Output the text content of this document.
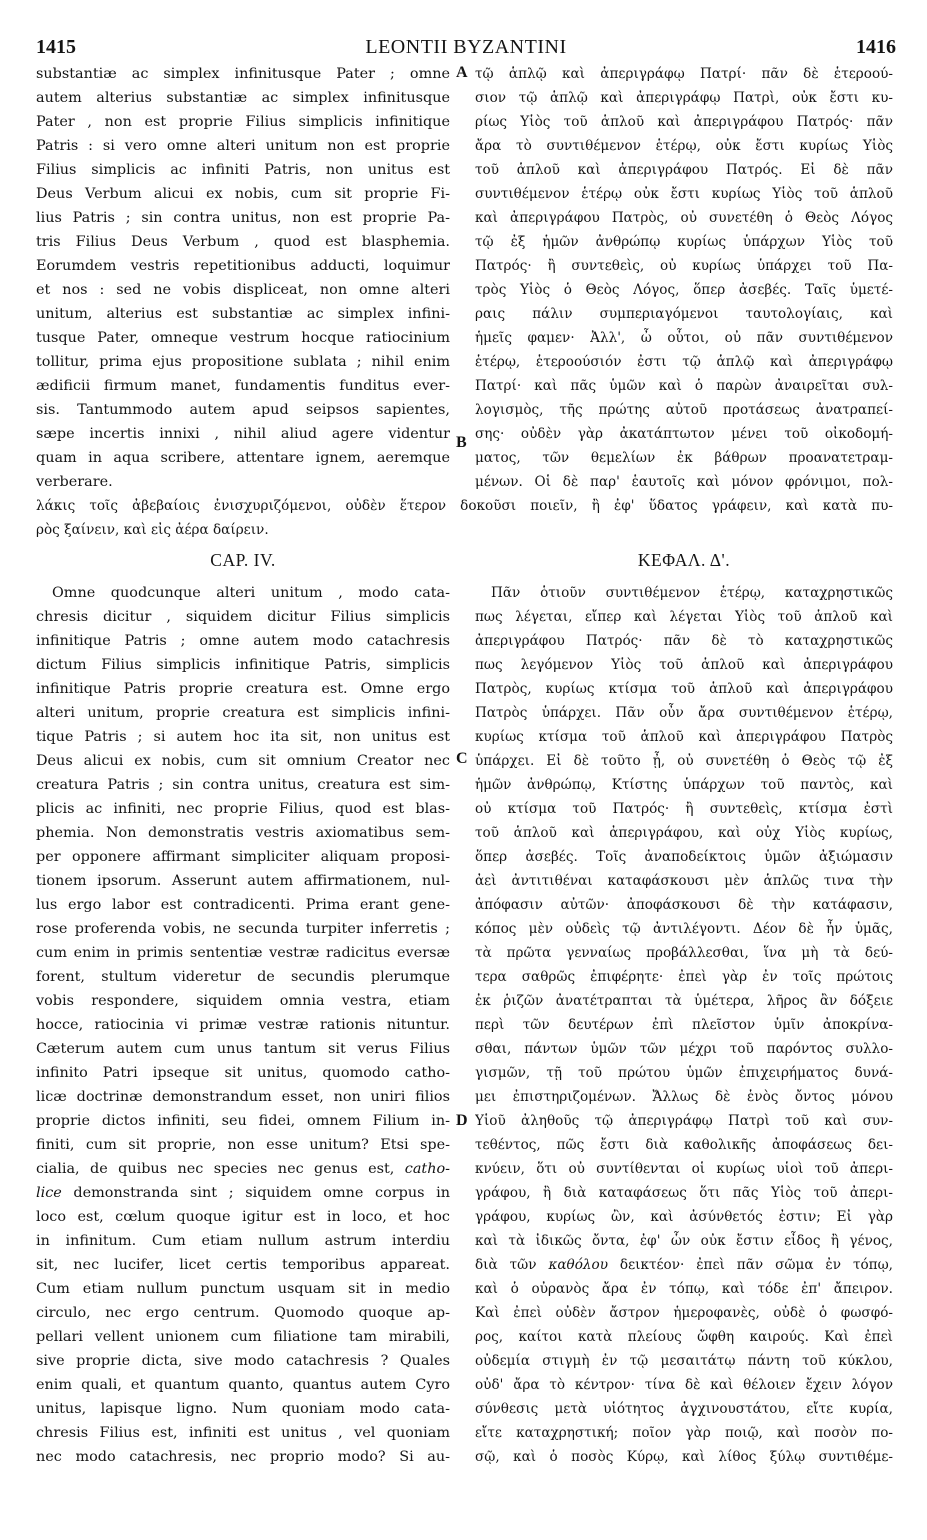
1415	LEONTII BYZANTINI	1416
substantiæ ac simplex infinitusque Pater ; omne
autem alterius substantiæ ac simplex infinitusque
Pater , non est proprie Filius simplicis infinitique
Patris : si vero omne alteri unitum non est proprie
Filius simplicis ac infiniti Patris, non unitus est
Deus Verbum alicui ex nobis, cum sit proprie Fi-
lius Patris ; sin contra unitus, non est proprie Pa-
tris Filius Deus Verbum , quod est blasphemia.
Eorumdem vestris repetitionibus adducti, loquimur
et nos : sed ne vobis displiceat, non omne alteri
unitum, alterius est substantiæ ac simplex infini-
tusque Pater, omneque vestrum hocque ratiocinium
tollitur, prima ejus propositione sublata ; nihil enim
ædificii firmum manet, fundamentis funditus ever-
sis. Tantummodo autem apud seipsos sapientes,
sæpe incertis innixi , nihil aliud agere videntur
quam in aqua scribere, attentare ignem, aeremque
verberare.
τῷ ἁπλῷ καὶ ἀπεριγράφῳ Πατρί· πᾶν δὲ ἑτεροού-
σιον τῷ ἁπλῷ καὶ ἀπεριγράφῳ Πατρὶ, οὐκ ἔστι κυ-
ρίως Υἱὸς τοῦ ἁπλοῦ καὶ ἀπεριγράφου Πατρός· πᾶν
ἄρα τὸ συντιθέμενον ἑτέρῳ, οὐκ ἔστι κυρίως Υἱὸς
τοῦ ἁπλοῦ καὶ ἀπεριγράφου Πατρός. Εἰ δὲ πᾶν
συντιθέμενον ἑτέρῳ οὐκ ἔστι κυρίως Υἱὸς τοῦ ἁπλοῦ
καὶ ἀπεριγράφου Πατρὸς, οὐ συνετέθη ὁ Θεὸς Λόγος
τῷ ἐξ ἡμῶν ἀνθρώπῳ κυρίως ὑπάρχων Υἱὸς τοῦ
Πατρός· ἢ συντεθεὶς, οὐ κυρίως ὑπάρχει τοῦ Πα-
τρὸς Υἱὸς ὁ Θεὸς Λόγος, ὅπερ ἀσεβές. Ταῖς ὑμετέ-
ραις πάλιν συμπεριαγόμενοι ταυτολογίαις, καὶ
ἡμεῖς φαμεν· Ἀλλ', ὦ οὗτοι, οὐ πᾶν συντιθέμενον
ἑτέρῳ, ἑτεροούσιόν ἐστι τῷ ἁπλῷ καὶ ἀπεριγράφῳ
Πατρί· καὶ πᾶς ὑμῶν καὶ ὁ παρὼν ἀναιρεῖται συλ-
λογισμὸς, τῆς πρώτης αὐτοῦ προτάσεως ἀνατραπεί-
σης· οὐδὲν γὰρ ἀκατάπτωτον μένει τοῦ οἰκοδομή-
ματος, τῶν θεμελίων ἐκ βάθρων προανατετραμ-
μένων. Οἱ δὲ παρ' ἑαυτοῖς καὶ μόνον φρόνιμοι, πολ-
λάκις τοῖς ἀβεβαίοις ἐνισχυριζόμενοι, οὐδὲν ἕτερον δοκοῦσι ποιεῖν, ἢ ἐφ' ὕδατος γράφειν, καὶ κατὰ πυ-
ρὸς ξαίνειν, καὶ εἰς ἀέρα δαίρειν.
CAP. IV.	ΚΕΦΑΛ. Δ'.
Omne quodcunque alteri unitum , modo cata-
chresis dicitur , siquidem dicitur Filius simplicis
infinitique Patris ; omne autem modo catachresis
dictum Filius simplicis infinitique Patris, simplicis
infinitique Patris proprie creatura est. Omne ergo
alteri unitum, proprie creatura est simplicis infini-
tique Patris ; si autem hoc ita sit, non unitus est
Deus alicui ex nobis, cum sit omnium Creator nec
creatura Patris ; sin contra unitus, creatura est sim-
plicis ac infiniti, nec proprie Filius, quod est blas-
phemia. Non demonstratis vestris axiomatibus sem-
per opponere affirmant simpliciter aliquam proposi-
tionem ipsorum. Asserunt autem affirmationem, nul-
lus ergo labor est contradicenti. Prima erant gene-
rose proferenda vobis, ne secunda turpiter inferretis ;
cum enim in primis sententiæ vestræ radicitus eversæ
forent, stultum videretur de secundis plerumque
vobis respondere, siquidem omnia vestra, etiam
hocce, ratiocinia vi primæ vestræ rationis nituntur.
Cæterum autem cum unus tantum sit verus Filius
infinito Patri ipseque sit unitus, quomodo catho-
licæ doctrinæ demonstrandum esset, non uniri filios
proprie dictos infiniti, seu fidei, omnem Filium in-
finiti, cum sit proprie, non esse unitum? Etsi spe-
cialia, de quibus nec species nec genus est, catho-
lice demonstranda sint ; siquidem omne corpus in
loco est, cœlum quoque igitur est in loco, et hoc
in infinitum. Cum etiam nullum astrum interdiu
sit, nec lucifer, licet certis temporibus appareat.
Cum etiam nullum punctum usquam sit in medio
circulo, nec ergo centrum. Quomodo quoque ap-
pellari vellent unionem cum filiatione tam mirabili,
sive proprie dicta, sive modo catachresis ? Quales
enim quali, et quantum quanto, quantus autem Cyro
unitus, lapisque ligno. Num quoniam modo cata-
chresis Filius est, infiniti est unitus , vel quoniam
nec modo catachresis, nec proprio modo? Si au-
Πᾶν ὁτιοῦν συντιθέμενον ἑτέρῳ, καταχρηστικῶς
πως λέγεται, εἴπερ καὶ λέγεται Υἱὸς τοῦ ἁπλοῦ καὶ
ἀπεριγράφου Πατρός· πᾶν δὲ τὸ καταχρηστικῶς
πως λεγόμενον Υἱὸς τοῦ ἁπλοῦ καὶ ἀπεριγράφου
Πατρὸς, κυρίως κτίσμα τοῦ ἁπλοῦ καὶ ἀπεριγράφου
Πατρὸς ὑπάρχει. Πᾶν οὖν ἄρα συντιθέμενον ἑτέρῳ,
κυρίως κτίσμα τοῦ ἁπλοῦ καὶ ἀπεριγράφου Πατρὸς
ὑπάρχει. Εἰ δὲ τοῦτο ᾖ, οὐ συνετέθη ὁ Θεὸς τῷ ἐξ
ἡμῶν ἀνθρώπῳ, Κτίστης ὑπάρχων τοῦ παντὸς, καὶ
οὐ κτίσμα τοῦ Πατρός· ἢ συντεθεὶς, κτίσμα ἐστὶ
τοῦ ἁπλοῦ καὶ ἀπεριγράφου, καὶ οὐχ Υἱὸς κυρίως,
ὅπερ ἀσεβές. Τοῖς ἀναποδείκτοις ὑμῶν ἀξιώμασιν
ἀεὶ ἀντιτιθέναι καταφάσκουσι μὲν ἁπλῶς τινα τὴν
ἀπόφασιν αὐτῶν· ἀποφάσκουσι δὲ τὴν κατάφασιν,
κόπος μὲν οὐδεὶς τῷ ἀντιλέγοντι. Δέον δὲ ἦν ὑμᾶς,
τὰ πρῶτα γενναίως προβάλλεσθαι, ἵνα μὴ τὰ δεύ-
τερα σαθρῶς ἐπιφέρητε· ἐπεὶ γὰρ ἐν τοῖς πρώτοις
ἐκ ῥιζῶν ἀνατέτραπται τὰ ὑμέτερα, λῆρος ἂν δόξειε
περὶ τῶν δευτέρων ἐπὶ πλεῖστον ὑμῖν ἀποκρίνα-
σθαι, πάντων ὑμῶν τῶν μέχρι τοῦ παρόντος συλλο-
γισμῶν, τῇ τοῦ πρώτου ὑμῶν ἐπιχειρήματος δυνά-
μει ἐπιστηριζομένων. Ἄλλως δὲ ἑνὸς ὄντος μόνου
Υἱοῦ ἀληθοῦς τῷ ἀπεριγράφῳ Πατρὶ τοῦ καὶ συν-
τεθέντος, πῶς ἔστι διὰ καθολικῆς ἀποφάσεως δει-
κνύειν, ὅτι οὐ συντίθενται οἱ κυρίως υἱοὶ τοῦ ἀπερι-
γράφου, ἢ διὰ καταφάσεως ὅτι πᾶς Υἱὸς τοῦ ἀπερι-
γράφου, κυρίως ὢν, καὶ ἀσύνθετός ἐστιν; Εἰ γὰρ
καὶ τὰ ἰδικῶς ὄντα, ἐφ' ὧν οὐκ ἔστιν εἶδος ἢ γένος,
διὰ τῶν καθόλου δεικτέον· ἐπεὶ πᾶν σῶμα ἐν τόπῳ,
καὶ ὁ οὐρανὸς ἄρα ἐν τόπῳ, καὶ τόδε ἐπ' ἄπειρον.
Καὶ ἐπεὶ οὐδὲν ἄστρον ἡμεροφανὲς, οὐδὲ ὁ φωσφό-
ρος, καίτοι κατὰ πλείους ὤφθη καιρούς. Καὶ ἐπεὶ
οὐδεμία στιγμὴ ἐν τῷ μεσαιτάτῳ πάντη τοῦ κύκλου,
οὐδ' ἄρα τὸ κέντρον· τίνα δὲ καὶ θέλοιεν ἔχειν λόγον
σύνθεσις μετὰ υἱότητος ἀγχινουστάτου, εἴτε κυρία,
εἴτε καταχρηστική; ποῖον γὰρ ποιῷ, καὶ ποσὸν πο-
σῷ, καὶ ὁ ποσὸς Κύρῳ, καὶ λίθος ξύλῳ συντιθέμε-
A
B
C
D
